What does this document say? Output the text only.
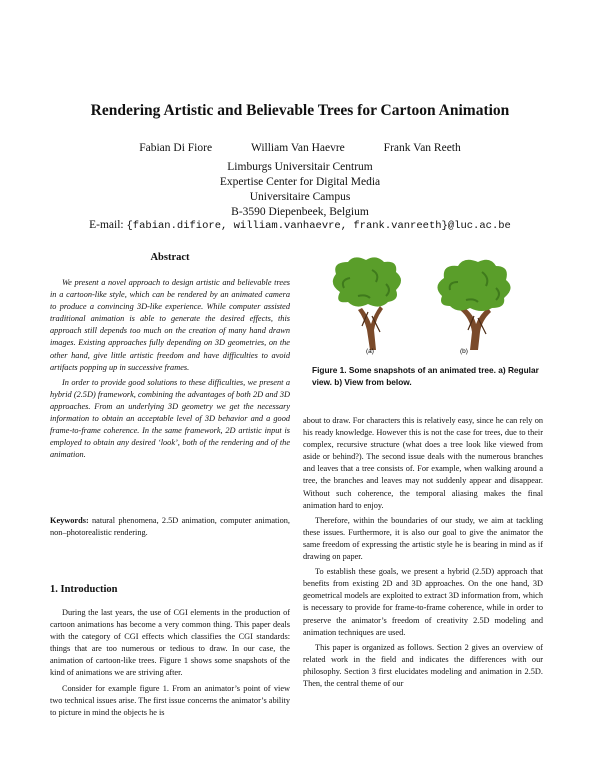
Rendering Artistic and Believable Trees for Cartoon Animation
Fabian Di Fiore	William Van Haevre	Frank Van Reeth
Limburgs Universitair Centrum
Expertise Center for Digital Media
Universitaire Campus
B-3590 Diepenbeek, Belgium
E-mail: {fabian.difiore, william.vanhaevre, frank.vanreeth}@luc.ac.be
Abstract

We present a novel approach to design artistic and believable trees in a cartoon-like style, which can be rendered by an animated camera to produce a convincing 3D-like experience. While computer assisted traditional animation is able to generate the desired effects, this approach still depends too much on the creation of many hand drawn images. Existing approaches fully depending on 3D geometries, on the other hand, give little artistic freedom and have difficulties to avoid artifacts popping up in successive frames.

In order to provide good solutions to these difficulties, we present a hybrid (2.5D) framework, combining the advantages of both 2D and 3D approaches. From an underlying 3D geometry we get the necessary information to obtain an acceptable level of 3D behavior and a good frame-to-frame coherence. In the same framework, 2D artistic input is employed to obtain any desired ‘look’, both of the rendering and of the animation.

Keywords: natural phenomena, 2.5D animation, computer animation, non–photorealistic rendering.
1. Introduction

During the last years, the use of CGI elements in the production of cartoon animations has become a very common thing. This paper deals with the category of CGI effects which classifies the CGI standards: things that are too numerous or tedious to draw. In our case, the animation of cartoon-like trees. Figure 1 shows some snapshots of the kind of animations we are striving after.

Consider for example figure 1. From an animator’s point of view two technical issues arise. The first issue concerns the animator’s ability to picture in mind the objects he is

(a)	(b)
Figure 1. Some snapshots of an animated tree. a) Regular view. b) View from below.

about to draw. For characters this is relatively easy, since he can rely on his ready knowledge. However this is not the case for trees, due to their complex, recursive structure (what does a tree look like viewed from aside or behind?). The second issue deals with the numerous branches and leaves that a tree consists of. For example, when walking around a tree, the branches and leaves may not suddenly appear and disappear. Without such coherence, the temporal aliasing makes the final animation hard to enjoy.

Therefore, within the boundaries of our study, we aim at tackling these issues. Furthermore, it is also our goal to give the animator the same freedom of expressing the artistic style he is bearing in mind as if drawing on paper.

To establish these goals, we present a hybrid (2.5D) approach that benefits from existing 2D and 3D approaches. On the one hand, 3D geometrical models are exploited to extract 3D information from, which is necessary to provide for frame-to-frame coherence, while in order to preserve the animator’s freedom of creativity 2.5D modeling and animation techniques are used.

This paper is organized as follows. Section 2 gives an overview of related work in the field and indicates the differences with our philosophy. Section 3 first elucidates modeling and animation in 2.5D. Then, the central theme of our
